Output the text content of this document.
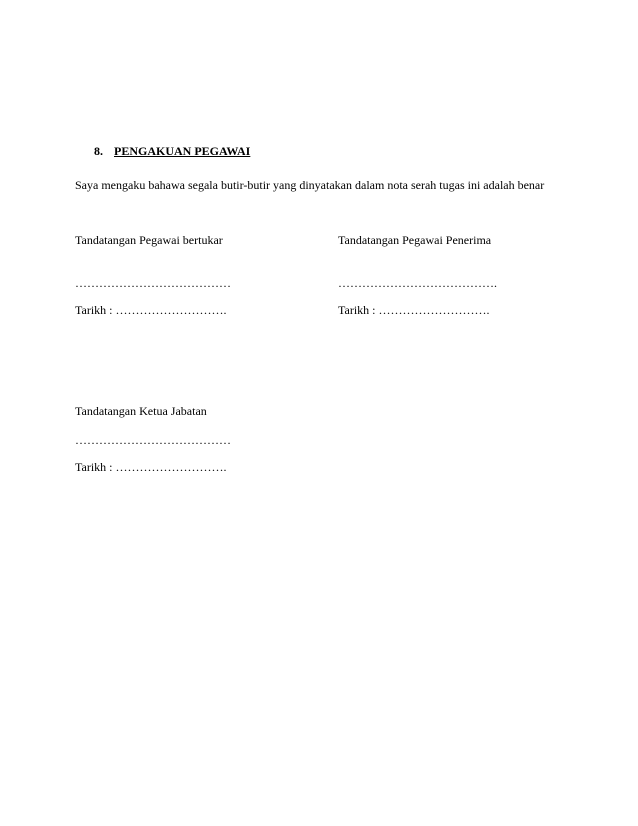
8. PENGAKUAN PEGAWAI
Saya mengaku bahawa segala butir-butir yang dinyatakan dalam nota serah tugas ini adalah benar
Tandatangan Pegawai bertukar
…………………………………
Tarikh : ……………………….
Tandatangan Pegawai Penerima
………………………………….
Tarikh : ……………………….
Tandatangan Ketua Jabatan
…………………………………
Tarikh : ……………………….
